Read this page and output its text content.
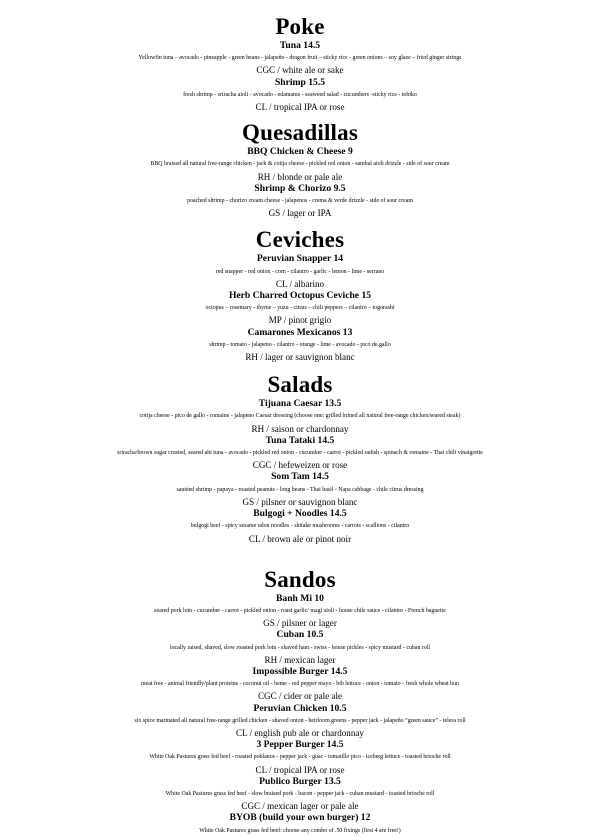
Poke
Tuna 14.5
Yellowfin tuna – avocado - pineapple - green beans - jalapeño - dragon fruit – sticky rice - green onions – soy glaze – fried ginger strings
CGC / white ale or sake
Shrimp 15.5
fresh shrimp - sriracha aioli - avocado - edamame - seaweed salad - cucumbers -sticky rice - tobiko
CL / tropical IPA or rose
Quesadillas
BBQ Chicken & Cheese 9
BBQ braised all natural free-range chicken - jack & cotija cheese - pickled red onion - sambal aioli drizzle - side of sour cream
RH / blonde or pale ale
Shrimp & Chorizo 9.5
poached shrimp - chorizo cream cheese - jalapenos - crema & verde drizzle - side of sour cream
GS / lager or IPA
Ceviches
Peruvian Snapper 14
red snapper - red onion - corn - cilantro - garlic - lemon - lime - serrano
CL / albarino
Herb Charred Octopus Ceviche 15
octopus – rosemary - thyme – yuzu - citrus – chili peppers – cilantro – togorashi
MP / pinot grigio
Camarones Mexicanos 13
shrimp - tomato - jalapeno - cilantro - orange - lime - avocado - pico de gallo
RH / lager or sauvignon blanc
Salads
Tijuana Caesar 13.5
cotija cheese - pico de gallo - romaine - jalapeno Caesar dressing (choose one: grilled brined all natural free-range chicken/seared steak)
RH / saison or chardonnay
Tuna Tataki 14.5
sriracha/brown sugar crusted, seared ahi tuna - avocado - pickled red onion - cucumber - carrot - pickled radish - spinach & romaine - Thai chili vinaigrette
CGC / hefeweizen or rose
Som Tam 14.5
sautéed shrimp - papaya - roasted peanuts - long beans - Thai basil - Napa cabbage - chile citrus dressing
GS / pilsner or sauvignon blanc
Bulgogi + Noodles 14.5
bulgogi beef - spicy sesame udon noodles - shitake mushrooms - carrots - scallions - cilantro
CL / brown ale or pinot noir
Sandos
Banh Mi 10
seared pork loin - cucumber - carrot - pickled onion - roast garlic/ magi aioli - house chile sauce - cilantro - French baguette
GS / pilsner or lager
Cuban 10.5
locally raised, shaved, slow roasted pork loin - shaved ham - swiss - house pickles - spicy mustard - cuban roll
RH / mexican lager
Impossible Burger 14.5
meat free - animal friendly/plant proteins - coconut oil - heme - red pepper mayo - bib lettuce - onion - tomato - fresh whole wheat bun
CGC / cider or pale ale
Peruvian Chicken 10.5
six spice marinated all natural free-range grilled chicken - shaved onion - heirloom greens - pepper jack - jalapeño “green sauce” - telera roll
CL / english pub ale or chardonnay
3 Pepper Burger 14.5
White Oak Pastures grass fed beef - roasted poblanos - pepper jack - guac - tomatillo pico - iceberg lettuce - toasted brioche roll
CL / tropical IPA or rose
Publico Burger 13.5
White Oak Pastures grass fed beef - slow braised pork - bacon - pepper jack - cuban mustard - toasted brioche roll
CGC / mexican lager or pale ale
BYOB (build your own burger) 12
White Oak Pastures grass fed beef: choose any combo of .50 fixings (first 4 are free!)
